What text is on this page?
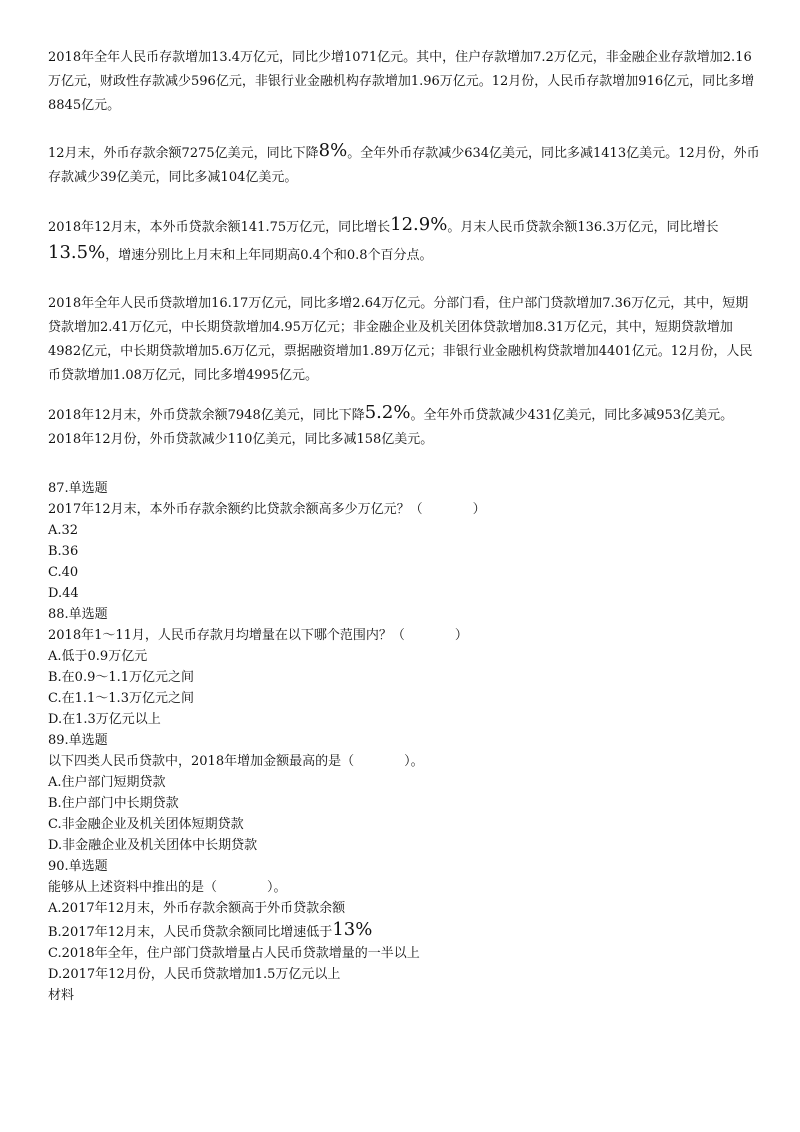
2018年全年人民币存款增加13.4万亿元，同比少增1071亿元。其中，住户存款增加7.2万亿元，非金融企业存款增加2.16万亿元，财政性存款减少596亿元，非银行业金融机构存款增加1.96万亿元。12月份，人民币存款增加916亿元，同比多增8845亿元。

12月末，外币存款余额7275亿美元，同比下降8%。全年外币存款减少634亿美元，同比多减1413亿美元。12月份，外币存款减少39亿美元，同比多减104亿美元。

2018年12月末，本外币贷款余额141.75万亿元，同比增长12.9%。月末人民币贷款余额136.3万亿元，同比增长13.5%，增速分别比上月末和上年同期高0.4个和0.8个百分点。

2018年全年人民币贷款增加16.17万亿元，同比多增2.64万亿元。分部门看，住户部门贷款增加7.36万亿元，其中，短期贷款增加2.41万亿元，中长期贷款增加4.95万亿元；非金融企业及机关团体贷款增加8.31万亿元，其中，短期贷款增加4982亿元，中长期贷款增加5.6万亿元，票据融资增加1.89万亿元；非银行业金融机构贷款增加4401亿元。12月份，人民币贷款增加1.08万亿元，同比多增4995亿元。

2018年12月末，外币贷款余额7948亿美元，同比下降5.2%。全年外币贷款减少431亿美元，同比多减953亿美元。2018年12月份，外币贷款减少110亿美元，同比多减158亿美元。

87.单选题
2017年12月末，本外币存款余额约比贷款余额高多少万亿元？（	）
A.32
B.36
C.40
D.44
88.单选题
2018年1～11月，人民币存款月均增量在以下哪个范围内？（	）
A.低于0.9万亿元
B.在0.9～1.1万亿元之间
C.在1.1～1.3万亿元之间
D.在1.3万亿元以上
89.单选题
以下四类人民币贷款中，2018年增加金额最高的是（	）。
A.住户部门短期贷款
B.住户部门中长期贷款
C.非金融企业及机关团体短期贷款
D.非金融企业及机关团体中长期贷款
90.单选题
能够从上述资料中推出的是（	）。
A.2017年12月末，外币存款余额高于外币贷款余额
B.2017年12月末，人民币贷款余额同比增速低于13%
C.2018年全年，住户部门贷款增量占人民币贷款增量的一半以上
D.2017年12月份，人民币贷款增加1.5万亿元以上
材料
